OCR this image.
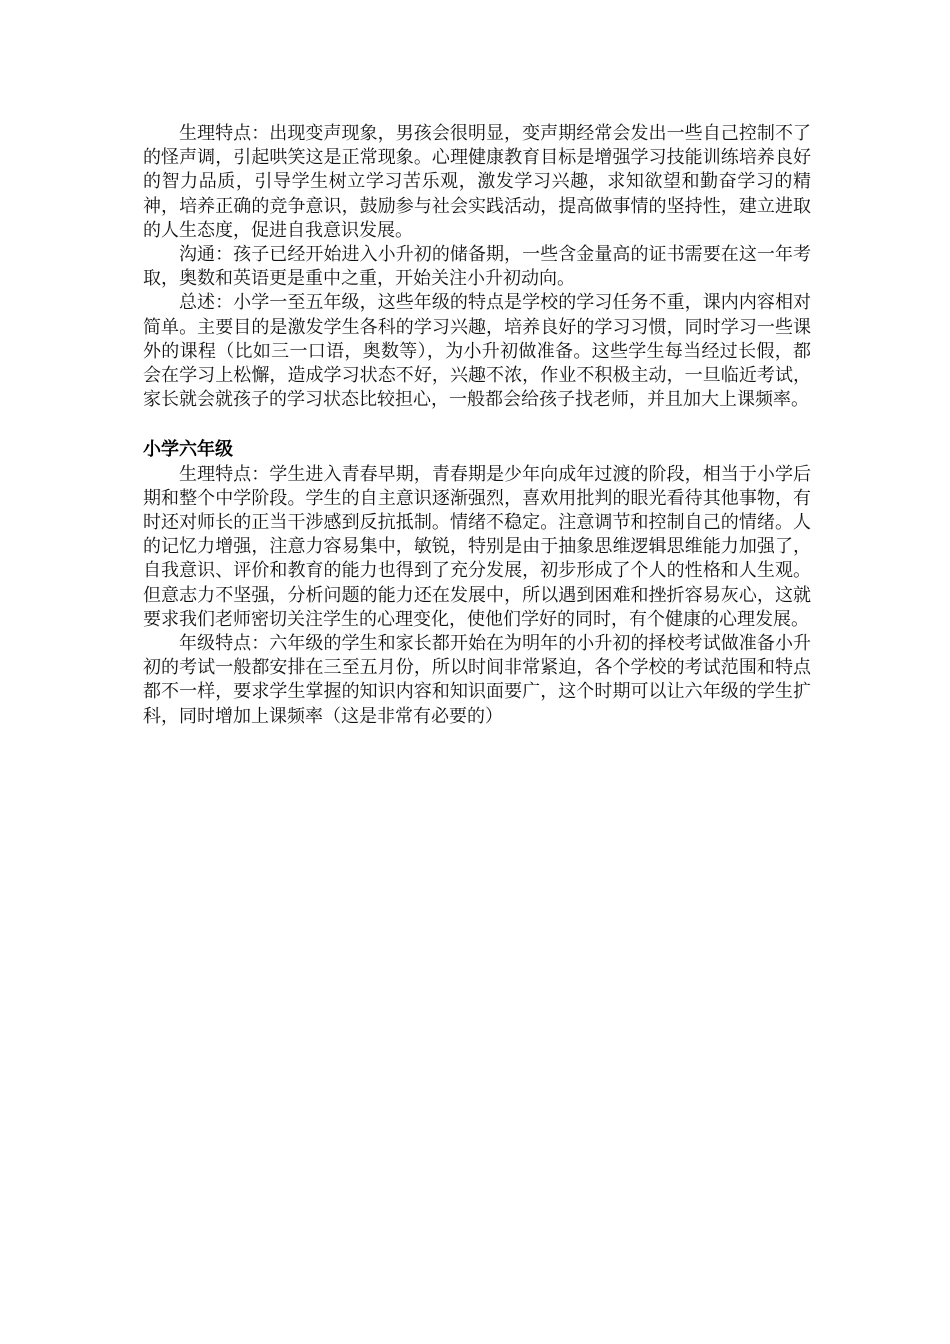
生理特点：出现变声现象，男孩会很明显，变声期经常会发出一些自己控制不了的怪声调，引起哄笑这是正常现象。心理健康教育目标是增强学习技能训练培养良好的智力品质，引导学生树立学习苦乐观，激发学习兴趣，求知欲望和勤奋学习的精神，培养正确的竞争意识，鼓励参与社会实践活动，提高做事情的坚持性，建立进取的人生态度，促进自我意识发展。

沟通：孩子已经开始进入小升初的储备期，一些含金量高的证书需要在这一年考取，奥数和英语更是重中之重，开始关注小升初动向。

总述：小学一至五年级，这些年级的特点是学校的学习任务不重，课内内容相对简单。主要目的是激发学生各科的学习兴趣，培养良好的学习习惯，同时学习一些课外的课程（比如三一口语，奥数等），为小升初做准备。这些学生每当经过长假，都会在学习上松懈，造成学习状态不好，兴趣不浓，作业不积极主动，一旦临近考试，家长就会就孩子的学习状态比较担心，一般都会给孩子找老师，并且加大上课频率。

小学六年级

生理特点：学生进入青春早期，青春期是少年向成年过渡的阶段，相当于小学后期和整个中学阶段。学生的自主意识逐渐强烈，喜欢用批判的眼光看待其他事物，有时还对师长的正当干涉感到反抗抵制。情绪不稳定。注意调节和控制自己的情绪。人的记忆力增强，注意力容易集中，敏锐，特别是由于抽象思维逻辑思维能力加强了，自我意识、评价和教育的能力也得到了充分发展，初步形成了个人的性格和人生观。但意志力不坚强，分析问题的能力还在发展中，所以遇到困难和挫折容易灰心，这就要求我们老师密切关注学生的心理变化，使他们学好的同时，有个健康的心理发展。

年级特点：六年级的学生和家长都开始在为明年的小升初的择校考试做准备小升初的考试一般都安排在三至五月份，所以时间非常紧迫，各个学校的考试范围和特点都不一样，要求学生掌握的知识内容和知识面要广，这个时期可以让六年级的学生扩科，同时增加上课频率（这是非常有必要的）
